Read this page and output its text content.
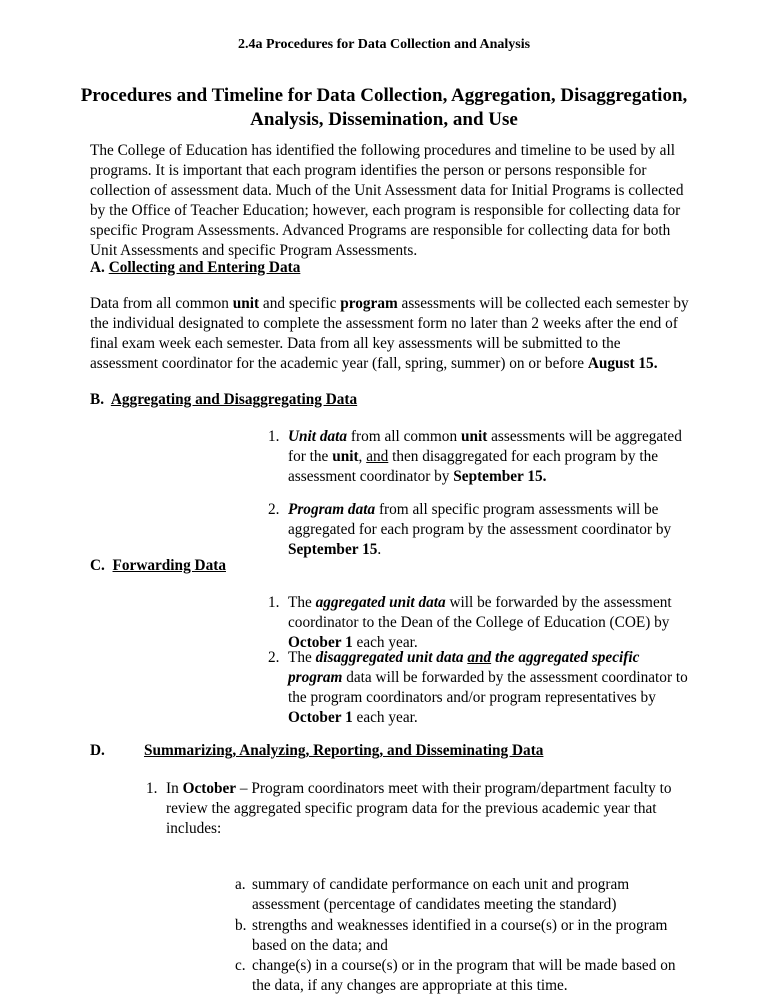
2.4a Procedures for Data Collection and Analysis
Procedures and Timeline for Data Collection, Aggregation, Disaggregation,
Analysis, Dissemination, and Use

The College of Education has identified the following procedures and timeline to be used by all programs. It is important that each program identifies the person or persons responsible for collection of assessment data. Much of the Unit Assessment data for Initial Programs is collected by the Office of Teacher Education; however, each program is responsible for collecting data for specific Program Assessments. Advanced Programs are responsible for collecting data for both Unit Assessments and specific Program Assessments.

A. Collecting and Entering Data

Data from all common unit and specific program assessments will be collected each semester by the individual designated to complete the assessment form no later than 2 weeks after the end of final exam week each semester. Data from all key assessments will be submitted to the assessment coordinator for the academic year (fall, spring, summer) on or before August 15.

B. Aggregating and Disaggregating Data

1. Unit data from all common unit assessments will be aggregated for the unit, and then disaggregated for each program by the assessment coordinator by September 15.

2. Program data from all specific program assessments will be aggregated for each program by the assessment coordinator by September 15.

C. Forwarding Data

1. The aggregated unit data will be forwarded by the assessment coordinator to the Dean of the College of Education (COE) by October 1 each year.

2. The disaggregated unit data and the aggregated specific program data will be forwarded by the assessment coordinator to the program coordinators and/or program representatives by October 1 each year.

D.	Summarizing, Analyzing, Reporting, and Disseminating Data
1. In October – Program coordinators meet with their program/department faculty to review the aggregated specific program data for the previous academic year that includes:

a. summary of candidate performance on each unit and program assessment (percentage of candidates meeting the standard)

b. strengths and weaknesses identified in a course(s) or in the program based on the data; and

c. change(s) in a course(s) or in the program that will be made based on the data, if any changes are appropriate at this time.
